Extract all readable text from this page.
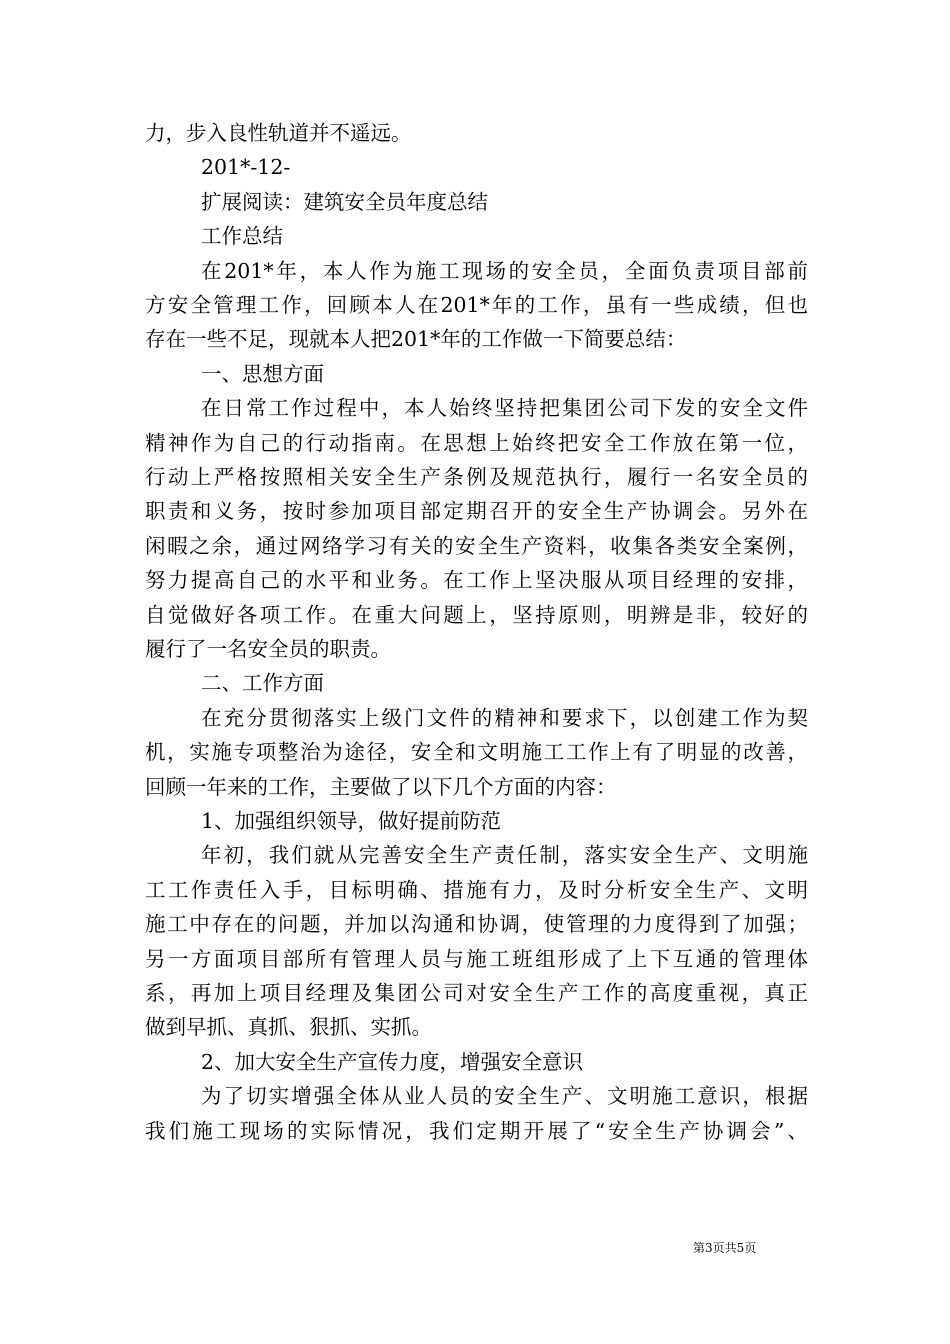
力，步入良性轨道并不遥远。
201*-12-
扩展阅读：建筑安全员年度总结
工作总结
在201*年，本人作为施工现场的安全员，全面负责项目部前
方安全管理工作，回顾本人在201*年的工作，虽有一些成绩，但也
存在一些不足，现就本人把201*年的工作做一下简要总结：
一、思想方面
在日常工作过程中，本人始终坚持把集团公司下发的安全文件
精神作为自己的行动指南。在思想上始终把安全工作放在第一位，
行动上严格按照相关安全生产条例及规范执行，履行一名安全员的
职责和义务，按时参加项目部定期召开的安全生产协调会。另外在
闲暇之余，通过网络学习有关的安全生产资料，收集各类安全案例，
努力提高自己的水平和业务。在工作上坚决服从项目经理的安排，
自觉做好各项工作。在重大问题上，坚持原则，明辨是非，较好的
履行了一名安全员的职责。
二、工作方面
在充分贯彻落实上级门文件的精神和要求下，以创建工作为契
机，实施专项整治为途径，安全和文明施工工作上有了明显的改善，
回顾一年来的工作，主要做了以下几个方面的内容：
1、加强组织领导，做好提前防范
年初，我们就从完善安全生产责任制，落实安全生产、文明施
工工作责任入手，目标明确、措施有力，及时分析安全生产、文明
施工中存在的问题，并加以沟通和协调，使管理的力度得到了加强；
另一方面项目部所有管理人员与施工班组形成了上下互通的管理体
系，再加上项目经理及集团公司对安全生产工作的高度重视，真正
做到早抓、真抓、狠抓、实抓。
2、加大安全生产宣传力度，增强安全意识
为了切实增强全体从业人员的安全生产、文明施工意识，根据
我们施工现场的实际情况，我们定期开展了“安全生产协调会”、
第3页共5页
